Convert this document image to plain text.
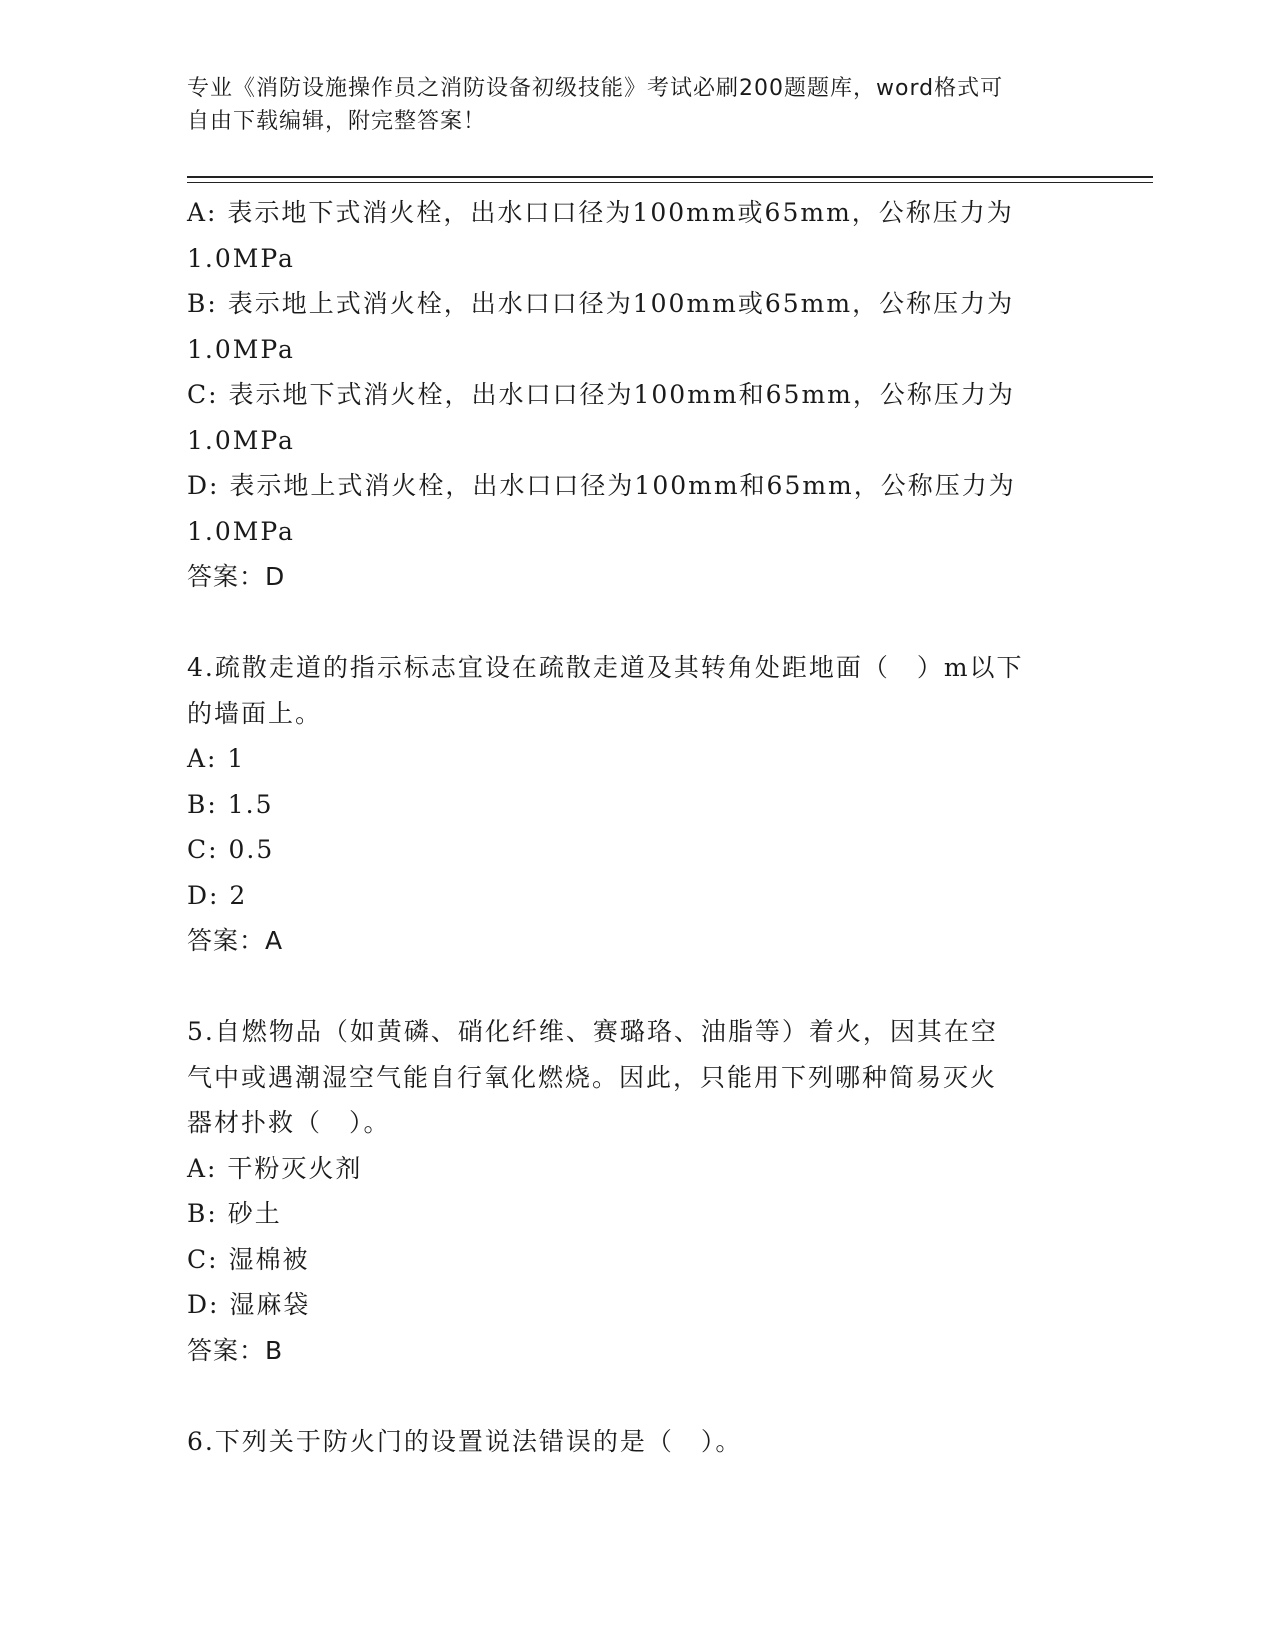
专业《消防设施操作员之消防设备初级技能》考试必刷200题题库，word格式可
自由下载编辑，附完整答案！
A: 表示地下式消火栓，出水口口径为100mm或65mm，公称压力为
1.0MPa
B: 表示地上式消火栓，出水口口径为100mm或65mm，公称压力为
1.0MPa
C: 表示地下式消火栓，出水口口径为100mm和65mm，公称压力为
1.0MPa
D: 表示地上式消火栓，出水口口径为100mm和65mm，公称压力为
1.0MPa
答案：D
4.疏散走道的指示标志宜设在疏散走道及其转角处距地面（　）m以下
的墙面上。
A: 1
B: 1.5
C: 0.5
D: 2
答案：A
5.自燃物品（如黄磷、硝化纤维、赛璐珞、油脂等）着火，因其在空
气中或遇潮湿空气能自行氧化燃烧。因此，只能用下列哪种简易灭火
器材扑救（　）。
A: 干粉灭火剂
B: 砂土
C: 湿棉被
D: 湿麻袋
答案：B
6.下列关于防火门的设置说法错误的是（　）。
